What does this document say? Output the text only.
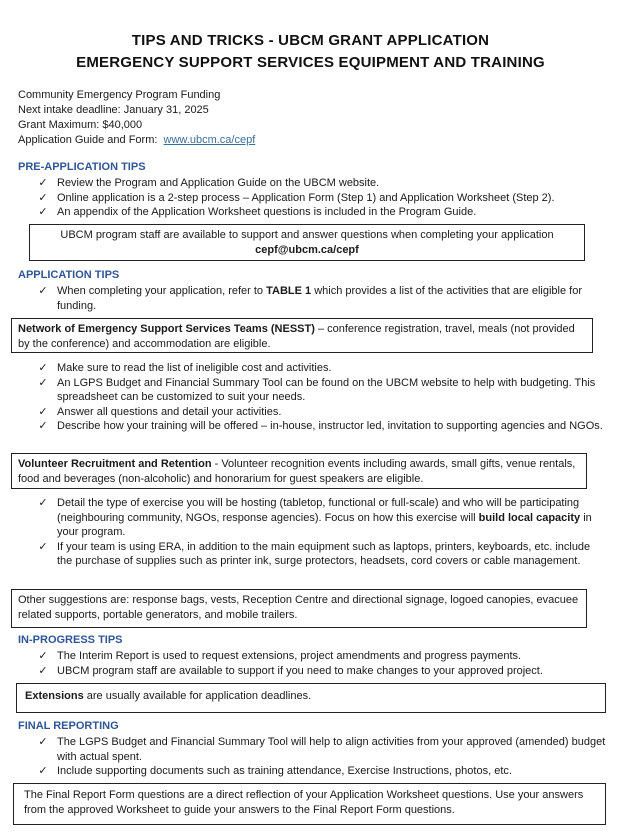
TIPS AND TRICKS - UBCM GRANT APPLICATION
EMERGENCY SUPPORT SERVICES EQUIPMENT AND TRAINING
Community Emergency Program Funding
Next intake deadline: January 31, 2025
Grant Maximum: $40,000
Application Guide and Form: www.ubcm.ca/cepf
PRE-APPLICATION TIPS
✓ Review the Program and Application Guide on the UBCM website.
✓ Online application is a 2-step process – Application Form (Step 1) and Application Worksheet (Step 2).
✓ An appendix of the Application Worksheet questions is included in the Program Guide.
UBCM program staff are available to support and answer questions when completing your application
cepf@ubcm.ca/cepf
APPLICATION TIPS
✓ When completing your application, refer to TABLE 1 which provides a list of the activities that are eligible for funding.
Network of Emergency Support Services Teams (NESST) – conference registration, travel, meals (not provided by the conference) and accommodation are eligible.
✓ Make sure to read the list of ineligible cost and activities.
✓ An LGPS Budget and Financial Summary Tool can be found on the UBCM website to help with budgeting. This spreadsheet can be customized to suit your needs.
✓ Answer all questions and detail your activities.
✓ Describe how your training will be offered – in-house, instructor led, invitation to supporting agencies and NGOs.
Volunteer Recruitment and Retention - Volunteer recognition events including awards, small gifts, venue rentals, food and beverages (non-alcoholic) and honorarium for guest speakers are eligible.
✓ Detail the type of exercise you will be hosting (tabletop, functional or full-scale) and who will be participating (neighbouring community, NGOs, response agencies). Focus on how this exercise will build local capacity in your program.
✓ If your team is using ERA, in addition to the main equipment such as laptops, printers, keyboards, etc. include the purchase of supplies such as printer ink, surge protectors, headsets, cord covers or cable management.
Other suggestions are: response bags, vests, Reception Centre and directional signage, logoed canopies, evacuee related supports, portable generators, and mobile trailers.
IN-PROGRESS TIPS
✓ The Interim Report is used to request extensions, project amendments and progress payments.
✓ UBCM program staff are available to support if you need to make changes to your approved project.
Extensions are usually available for application deadlines.
FINAL REPORTING
✓ The LGPS Budget and Financial Summary Tool will help to align activities from your approved (amended) budget with actual spent.
✓ Include supporting documents such as training attendance, Exercise Instructions, photos, etc.
The Final Report Form questions are a direct reflection of your Application Worksheet questions. Use your answers from the approved Worksheet to guide your answers to the Final Report Form questions.
